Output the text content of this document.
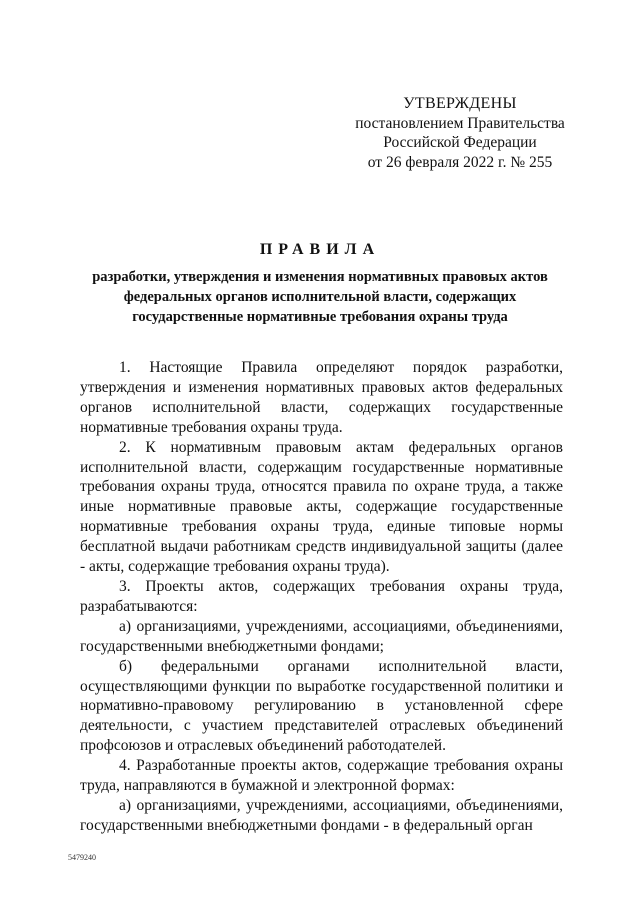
УТВЕРЖДЕНЫ
постановлением Правительства
Российской Федерации
от 26 февраля 2022 г. № 255
ПРАВИЛА
разработки, утверждения и изменения нормативных правовых актов федеральных органов исполнительной власти, содержащих государственные нормативные требования охраны труда

1. Настоящие Правила определяют порядок разработки, утверждения и изменения нормативных правовых актов федеральных органов исполнительной власти, содержащих государственные нормативные требования охраны труда.

2. К нормативным правовым актам федеральных органов исполнительной власти, содержащим государственные нормативные требования охраны труда, относятся правила по охране труда, а также иные нормативные правовые акты, содержащие государственные нормативные требования охраны труда, единые типовые нормы бесплатной выдачи работникам средств индивидуальной защиты (далее - акты, содержащие требования охраны труда).

3. Проекты актов, содержащих требования охраны труда, разрабатываются:

а) организациями, учреждениями, ассоциациями, объединениями, государственными внебюджетными фондами;

б) федеральными органами исполнительной власти, осуществляющими функции по выработке государственной политики и нормативно-правовому регулированию в установленной сфере деятельности, с участием представителей отраслевых объединений профсоюзов и отраслевых объединений работодателей.

4. Разработанные проекты актов, содержащие требования охраны труда, направляются в бумажной и электронной формах:

а) организациями, учреждениями, ассоциациями, объединениями, государственными внебюджетными фондами - в федеральный орган

5479240
